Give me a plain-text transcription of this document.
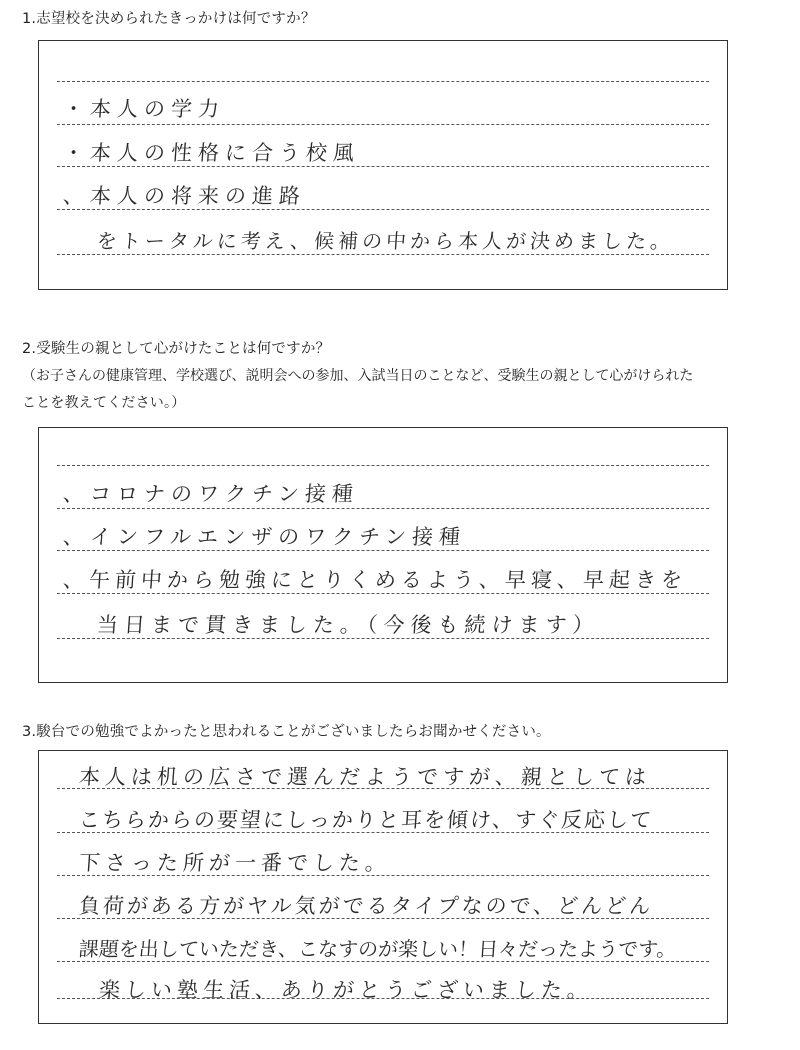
1.志望校を決められたきっかけは何ですか？
・本人の学力
・本人の性格に合う校風
、本人の将来の進路
をトータルに考え、候補の中から本人が決めました。
2.受験生の親として心がけたことは何ですか？
（お子さんの健康管理、学校選び、説明会への参加、入試当日のことなど、受験生の親として心がけられた
ことを教えてください。）
、コロナのワクチン接種
、インフルエンザのワクチン接種
、午前中から勉強にとりくめるよう、早寝、早起きを
当日まで貫きました。（今後も続けます）
3.駿台での勉強でよかったと思われることがございましたらお聞かせください。
本人は机の広さで選んだようですが、親としては
こちらからの要望にしっかりと耳を傾け、すぐ反応して
下さった所が一番でした。
負荷がある方がヤル気がでるタイプなので、どんどん
課題を出していただき、こなすのが楽しい！日々だったようです。
楽しい塾生活、ありがとうございました。
